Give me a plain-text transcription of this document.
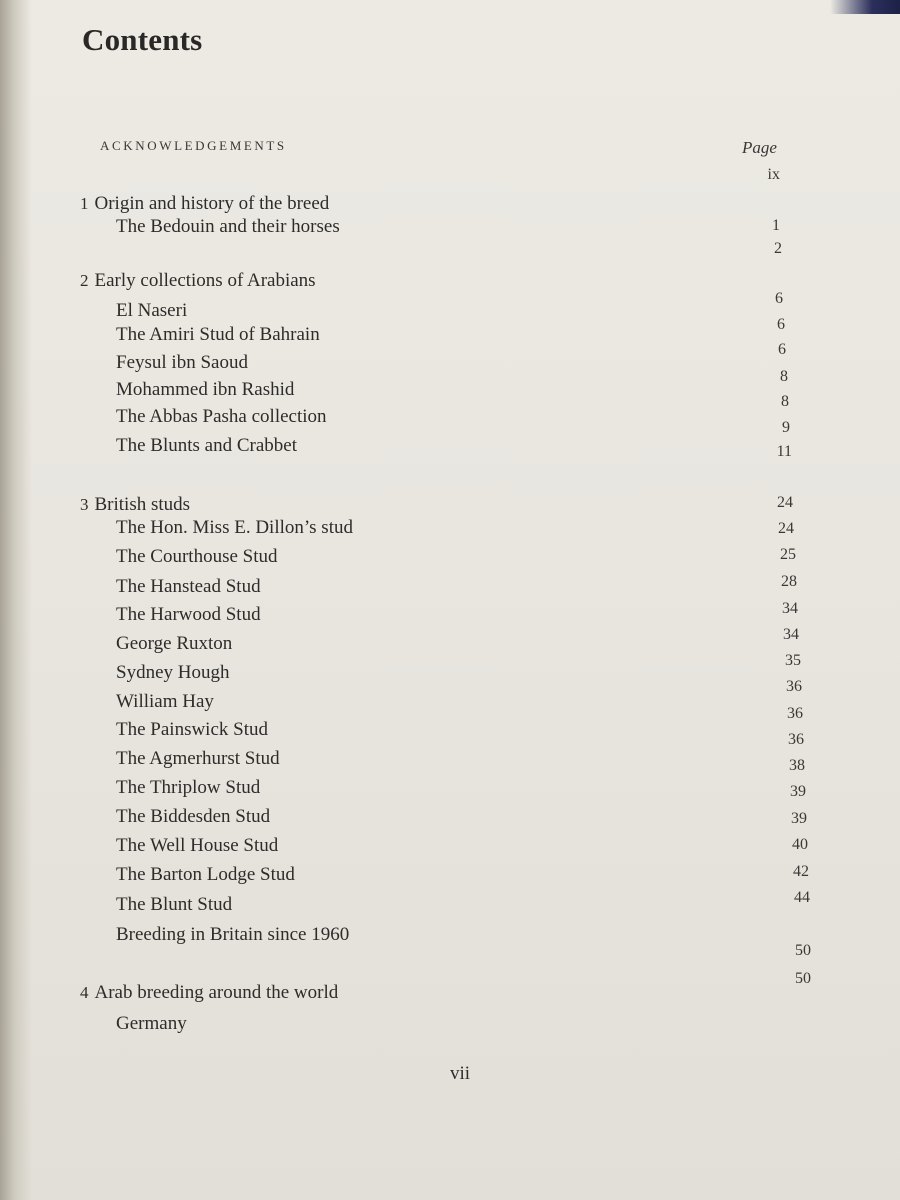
Contents
ACKNOWLEDGEMENTS	Page
1 Origin and history of the breed
The Bedouin and their horses
2 Early collections of Arabians
El Naseri
The Amiri Stud of Bahrain
Feysul ibn Saoud
Mohammed ibn Rashid
The Abbas Pasha collection
The Blunts and Crabbet
3 British studs
The Hon. Miss E. Dillon’s stud
The Courthouse Stud
The Hanstead Stud
The Harwood Stud
George Ruxton
Sydney Hough
William Hay
The Painswick Stud
The Agmerhurst Stud
The Thriplow Stud
The Biddesden Stud
The Well House Stud
The Barton Lodge Stud
The Blunt Stud
Breeding in Britain since 1960
4 Arab breeding around the world
Germany
ix
1
2
6
6
6
8
8
9
11
24
24
25
28
34
34
35
36
36
36
38
39
39
40
42
44
50
50
vii
